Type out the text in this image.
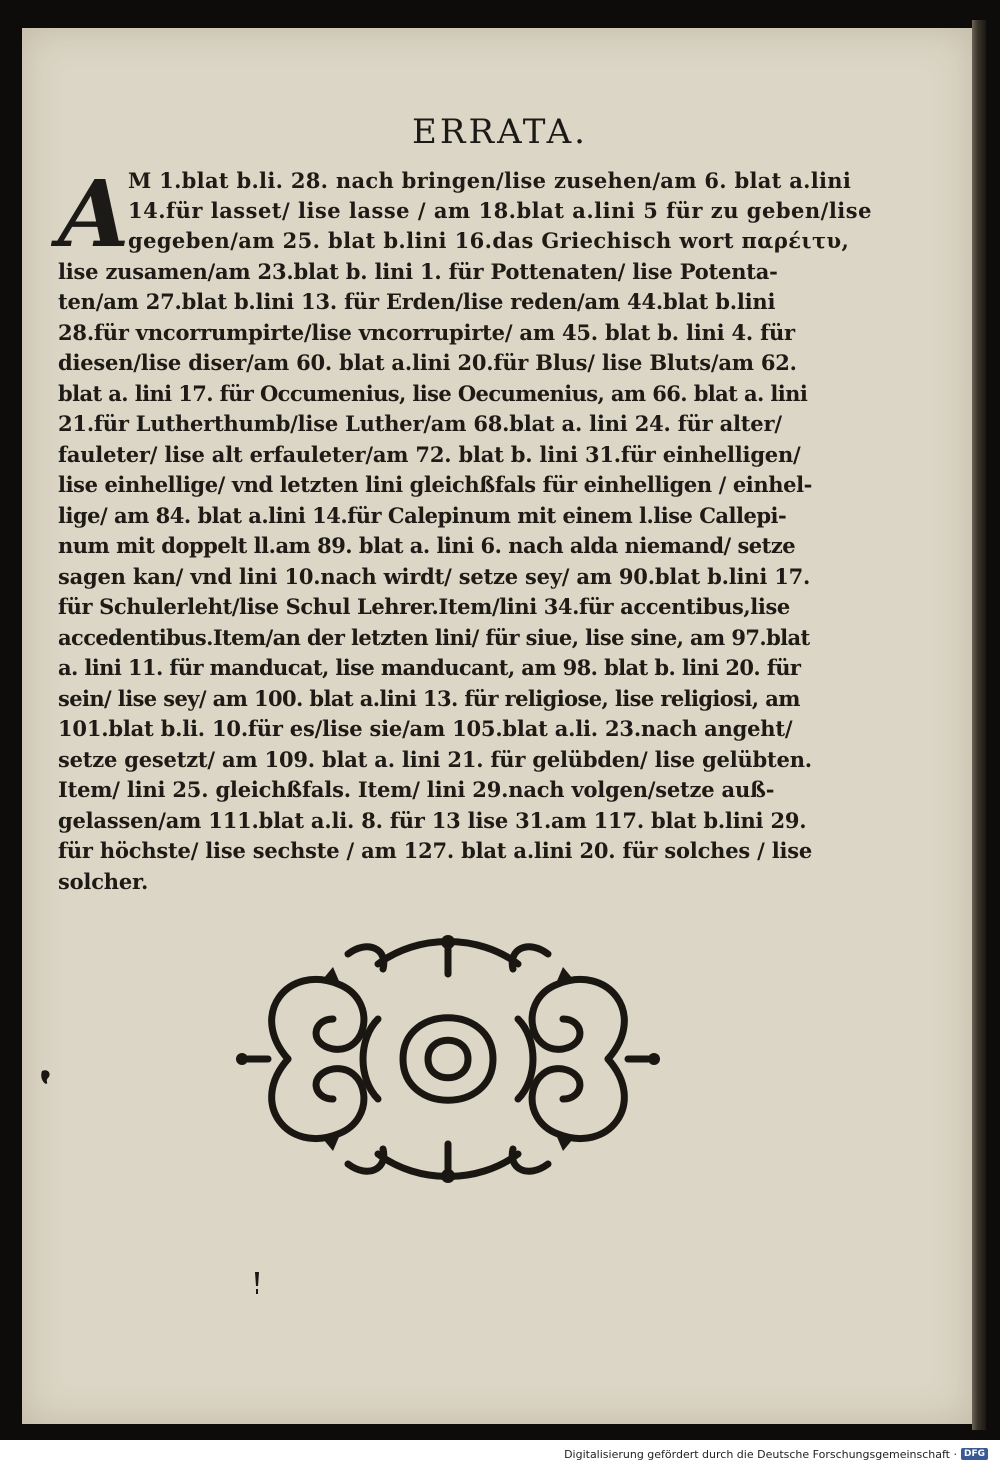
ERRATA.
A
M 1.blat b.li. 28. nach bringen/lise zusehen/am 6. blat a.lini
14.für lasset/ lise lasse / am 18.blat a.lini 5 für zu geben/lise
gegeben/am 25. blat b.lini 16.das Griechisch wort παρέιτυ,
lise zusamen/am 23.blat b. lini 1. für Pottenaten/ lise Potenta-
ten/am 27.blat b.lini 13. für Erden/lise reden/am 44.blat b.lini
28.für vncorrumpirte/lise vncorrupirte/ am 45. blat b. lini 4. für
diesen/lise diser/am 60. blat a.lini 20.für Blus/ lise Bluts/am 62.
blat a. lini 17. für Occumenius, lise Oecumenius, am 66. blat a. lini
21.für Lutherthumb/lise Luther/am 68.blat a. lini 24. für alter/
fauleter/ lise alt erfauleter/am 72. blat b. lini 31.für einhelligen/
lise einhellige/ vnd letzten lini gleichßfals für einhelligen / einhel-
lige/ am 84. blat a.lini 14.für Calepinum mit einem l.lise Callepi-
num mit doppelt ll.am 89. blat a. lini 6. nach alda niemand/ setze
sagen kan/ vnd lini 10.nach wirdt/ setze sey/ am 90.blat b.lini 17.
für Schulerleht/lise Schul Lehrer.Item/lini 34.für accentibus,lise
accedentibus.Item/an der letzten lini/ für siue, lise sine, am 97.blat
a. lini 11. für manducat, lise manducant, am 98. blat b. lini 20. für
sein/ lise sey/ am 100. blat a.lini 13. für religiose, lise religiosi, am
101.blat b.li. 10.für es/lise sie/am 105.blat a.li. 23.nach angeht/
setze gesetzt/ am 109. blat a. lini 21. für gelübden/ lise gelübten.
Item/ lini 25. gleichßfals. Item/ lini 29.nach volgen/setze auß-
gelassen/am 111.blat a.li. 8. für 13 lise 31.am 117. blat b.lini 29.
für höchste/ lise sechste / am 127. blat a.lini 20. für solches / lise
solcher.
Digitalisierung gefördert durch die Deutsche Forschungsgemeinschaft · DFG
